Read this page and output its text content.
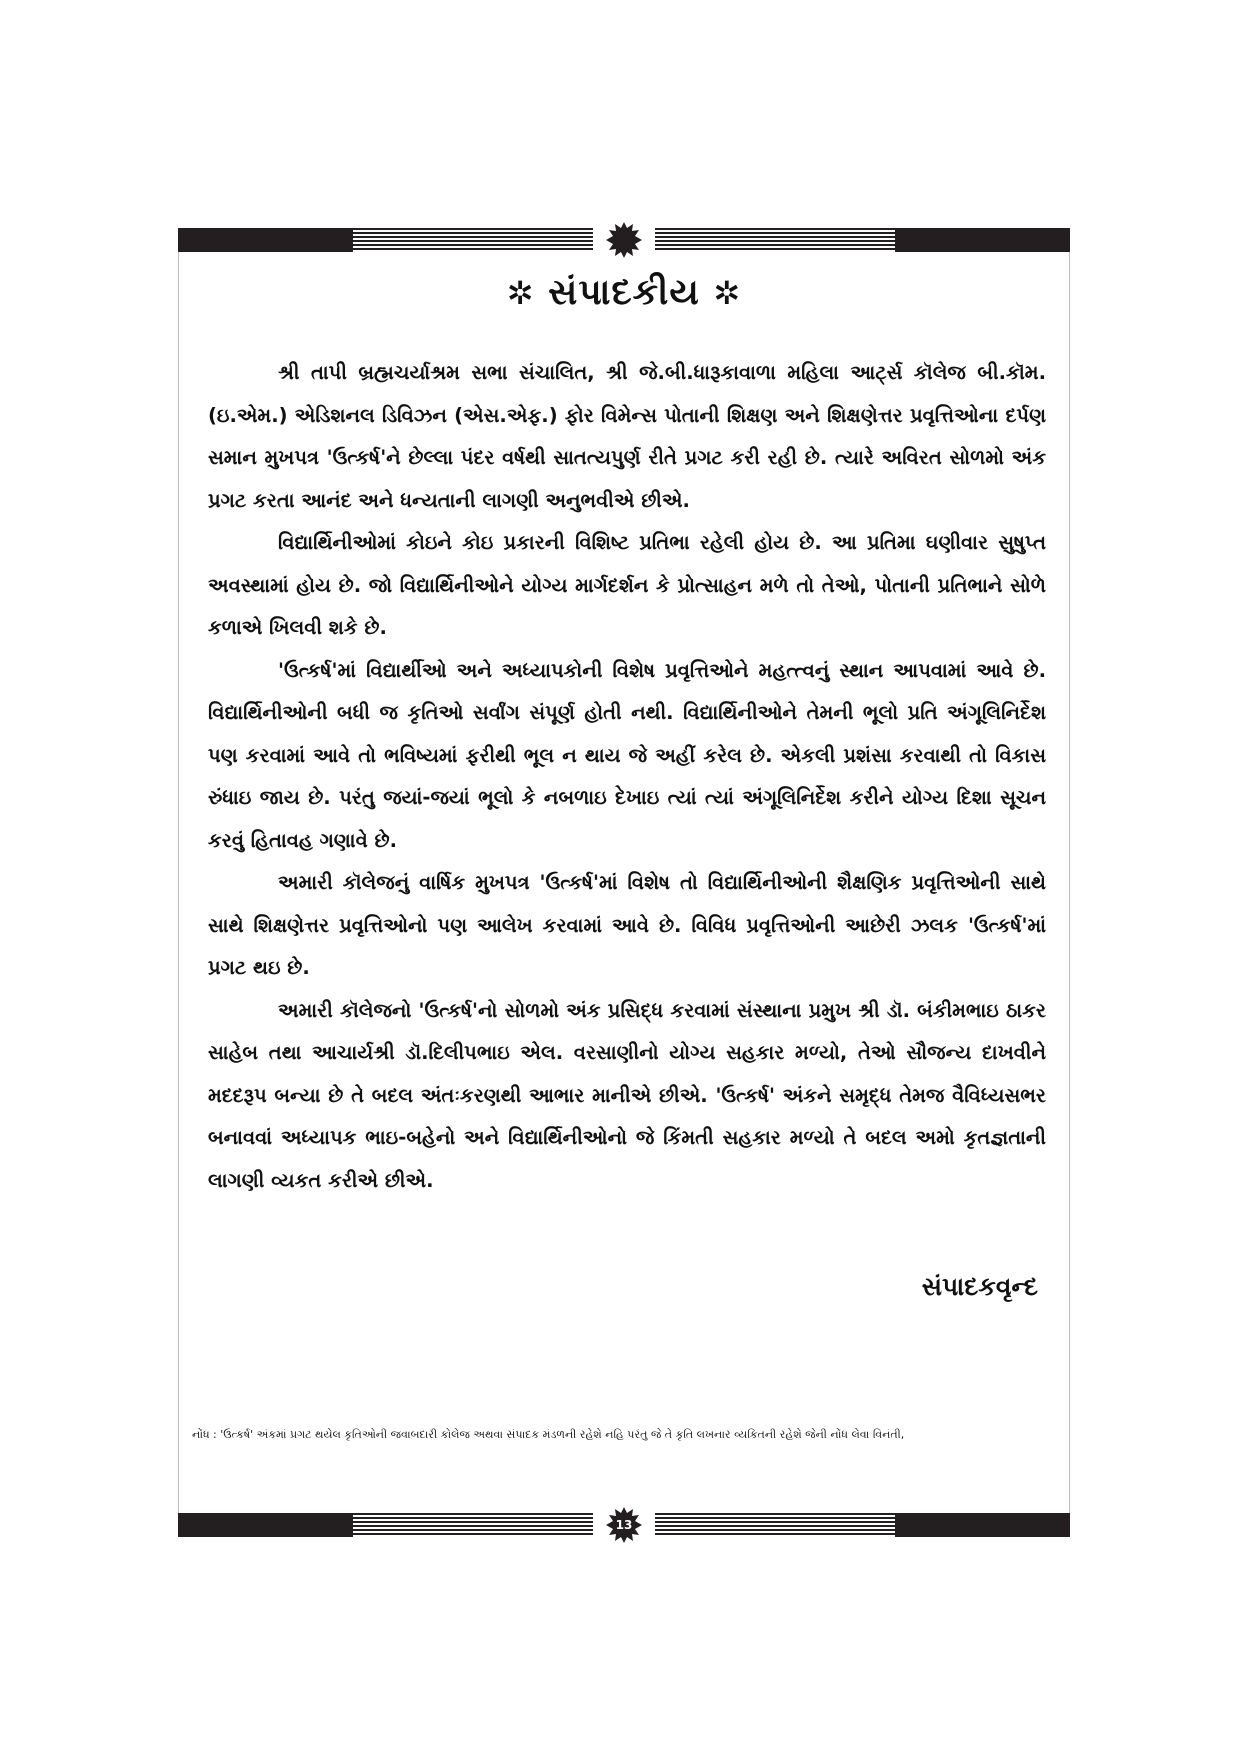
✲ સંપાદકીય ✲

શ્રી તાપી બ્રહ્મચર્યાશ્રમ સભા સંચાલિત, શ્રી જે.બી.ધારૂકાવાળા મહિલા આર્ટ્સ કૉલેજ બી.કૉમ. (ઇ.એમ.) એડિશનલ ડિવિઝન (એસ.એફ.) ફોર વિમેન્સ પોતાની શિક્ષણ અને શિક્ષણેત્તર પ્રવૃત્તિઓના દર્પણ સમાન મુખપત્ર 'ઉત્કર્ષ'ને છેલ્લા પંદર વર્ષથી સાતત્યપુર્ણ રીતે પ્રગટ કરી રહી છે. ત્યારે અવિરત સોળમો અંક પ્રગટ કરતા આનંદ અને ધન્યતાની લાગણી અનુભવીએ છીએ.

વિદ્યાર્થિનીઓમાં કોઇને કોઇ પ્રકારની વિશિષ્ટ પ્રતિભા રહેલી હોય છે. આ પ્રતિમા ઘણીવાર સુષુપ્ત અવસ્થામાં હોય છે. જો વિદ્યાર્થિનીઓને યોગ્ય માર્ગદર્શન કે પ્રોત્સાહન મળે તો તેઓ, પોતાની પ્રતિભાને સોળે કળાએ ખિલવી શકે છે.

'ઉત્કર્ષ'માં વિદ્યાર્થીઓ અને અધ્યાપકોની વિશેષ પ્રવૃત્તિઓને મહત્ત્વનું સ્થાન આપવામાં આવે છે. વિદ્યાર્થિનીઓની બધી જ કૃતિઓ સર્વાંગ સંપૂર્ણ હોતી નથી. વિદ્યાર્થિનીઓને તેમની ભૂલો પ્રતિ અંગૂલિનિર્દેશ પણ કરવામાં આવે તો ભવિષ્યમાં ફરીથી ભૂલ ન થાય જે અહીં કરેલ છે. એકલી પ્રશંસા કરવાથી તો વિકાસ રુંધાઇ જાય છે. પરંતુ જયાં-જયાં ભૂલો કે નબળાઇ દેખાઇ ત્યાં ત્યાં અંગૂલિનિર્દેશ કરીને યોગ્ય દિશા સૂચન કરવું હિતાવહ ગણાવે છે.

અમારી કૉલેજનું વાર્ષિક મુખપત્ર 'ઉત્કર્ષ'માં વિશેષ તો વિદ્યાર્થિનીઓની શૈક્ષણિક પ્રવૃત્તિઓની સાથે સાથે શિક્ષણેત્તર પ્રવૃત્તિઓનો પણ આલેખ કરવામાં આવે છે. વિવિધ પ્રવૃત્તિઓની આછેરી ઝલક 'ઉત્કર્ષ'માં પ્રગટ થઇ છે.

અમારી કૉલેજનો 'ઉત્કર્ષ'નો સોળમો અંક પ્રસિદ્ધ કરવામાં સંસ્થાના પ્રમુખ શ્રી ડૉ. બંકીમભાઇ ઠાકર સાહેબ તથા આચાર્યશ્રી ડૉ.દિલીપભાઇ એલ. વરસાણીનો યોગ્ય સહકાર મળ્યો, તેઓ સૌજન્ય દાખવીને મદદરૂપ બન્યા છે તે બદલ અંતઃકરણથી આભાર માનીએ છીએ. 'ઉત્કર્ષ' અંકને સમૃદ્ધ તેમજ વૈવિધ્યસભર બનાવવાં અધ્યાપક ભાઇ-બહેનો અને વિદ્યાર્થિનીઓનો જે કિંમતી સહકાર મળ્યો તે બદલ અમો કૃતજ્ઞતાની લાગણી વ્યકત કરીએ છીએ.

સંપાદકવૃન્દ
નોંધ : 'ઉત્કર્ષ' અંકમાં પ્રગટ થયેલ કૃતિઓની જવાબદારી કોલેજ અથવા સંપાદક મંડળની રહેશે નહિ પરંતુ જે તે કૃતિ લખનાર વ્યકિતની રહેશે જેની નોંધ લેવા વિનંતી,
13
